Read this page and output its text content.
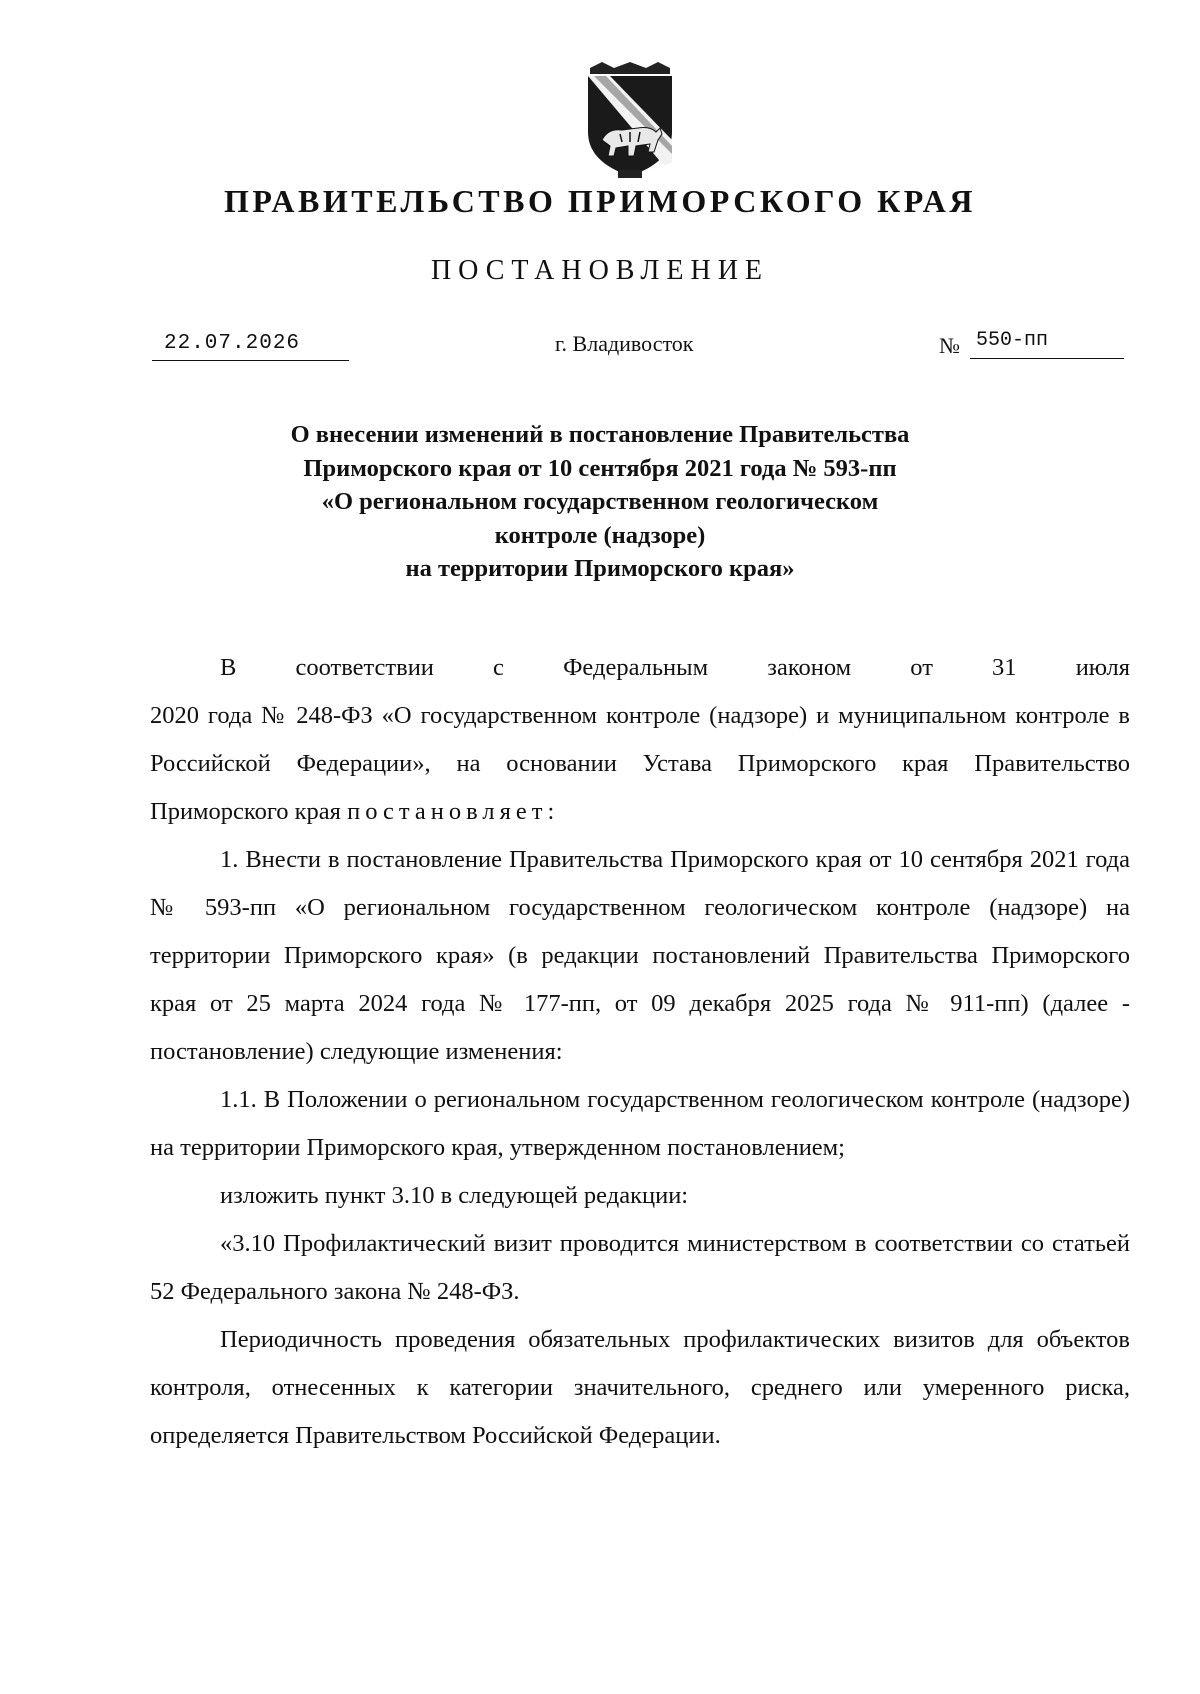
ПРАВИТЕЛЬСТВО ПРИМОРСКОГО КРАЯ
ПОСТАНОВЛЕНИЕ
22.07.2026	г. Владивосток	№ 550-пп
О внесении изменений в постановление Правительства
Приморского края от 10 сентября 2021 года № 593-пп
«О региональном государственном геологическом
контроле (надзоре)
на территории Приморского края»

В соответствии с Федеральным законом от 31 июля

2020 года № 248-ФЗ «О государственном контроле (надзоре) и муниципальном контроле в Российской Федерации», на основании Устава Приморского края Правительство Приморского края постановляет:

1. Внести в постановление Правительства Приморского края от 10 сентября 2021 года № 593-пп «О региональном государственном геологическом контроле (надзоре) на территории Приморского края» (в редакции постановлений Правительства Приморского края от 25 марта 2024 года № 177-пп, от 09 декабря 2025 года № 911-пп) (далее - постановление) следующие изменения:

1.1. В Положении о региональном государственном геологическом контроле (надзоре) на территории Приморского края, утвержденном постановлением;

изложить пункт 3.10 в следующей редакции:

«3.10 Профилактический визит проводится министерством в соответствии со статьей 52 Федерального закона № 248-ФЗ.

Периодичность проведения обязательных профилактических визитов для объектов контроля, отнесенных к категории значительного, среднего или умеренного риска, определяется Правительством Российской Федерации.
